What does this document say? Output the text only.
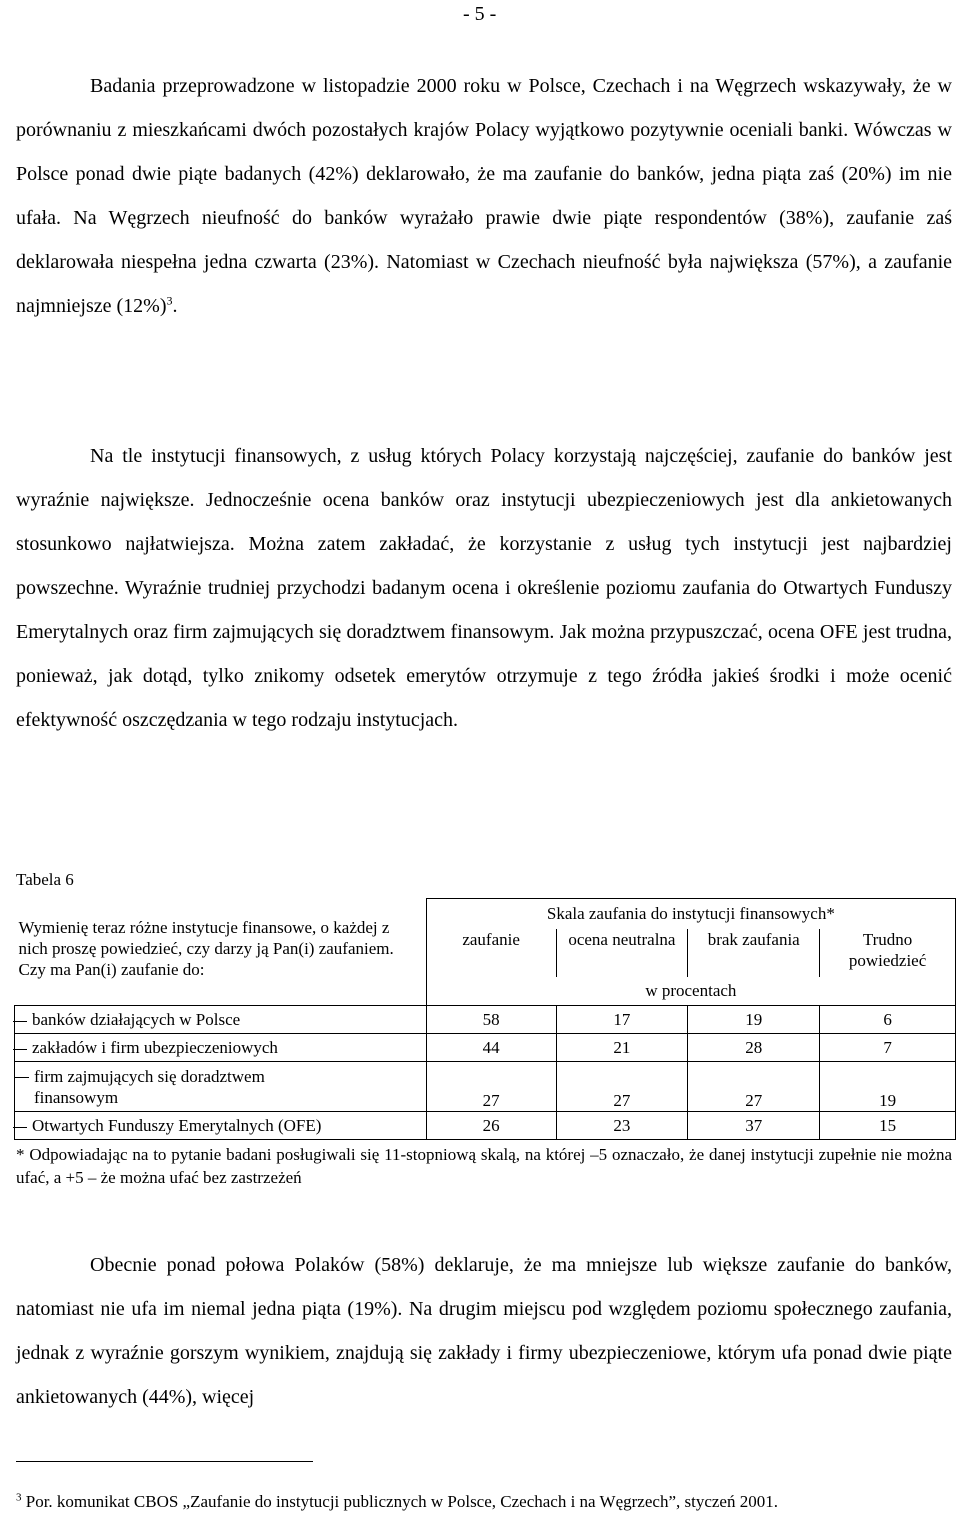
- 5 -

Badania przeprowadzone w listopadzie 2000 roku w Polsce, Czechach i na Węgrzech wskazywały, że w porównaniu z mieszkańcami dwóch pozostałych krajów Polacy wyjątkowo pozytywnie oceniali banki. Wówczas w Polsce ponad dwie piąte badanych (42%) deklarowało, że ma zaufanie do banków, jedna piąta zaś (20%) im nie ufała. Na Węgrzech nieufność do banków wyrażało prawie dwie piąte respondentów (38%), zaufanie zaś deklarowała niespełna jedna czwarta (23%). Natomiast w Czechach nieufność była największa (57%), a zaufanie najmniejsze $(12\%)^3$.

Na tle instytucji finansowych, z usług których Polacy korzystają najczęściej, zaufanie do banków jest wyraźnie największe. Jednocześnie ocena banków oraz instytucji ubezpieczeniowych jest dla ankietowanych stosunkowo najłatwiejsza. Można zatem zakładać, że korzystanie z usług tych instytucji jest najbardziej powszechne. Wyraźnie trudniej przychodzi badanym ocena i określenie poziomu zaufania do Otwartych Funduszy Emerytalnych oraz firm zajmujących się doradztwem finansowym. Jak można przypuszczać, ocena OFE jest trudna, ponieważ, jak dotąd, tylko znikomy odsetek emerytów otrzymuje z tego źródła jakieś środki i może ocenić efektywność oszczędzania w tego rodzaju instytucjach.

Tabela 6
Wymienię teraz różne instytucje finansowe, o każdej z nich proszę powiedzieć, czy darzy ją Pan(i) zaufaniem. Czy ma Pan(i) zaufanie do:	Skala zaufania do instytucji finansowych*			
	zaufanie	ocena neutralna	brak zaufania	Trudno powiedzieć
	w procentach			
banków działających w Polsce	58	17	19	6
zakładów i firm ubezpieczeniowych	44	21	28	7

firm zajmujących się doradztwem finansowym	27	27	27	19
Otwartych Funduszy Emerytalnych (OFE)	26	23	37	15
* Odpowiadając na to pytanie badani posługiwali się 11-stopniową skalą, na której –5 oznaczało, że danej instytucji zupełnie nie można ufać, a +5 – że można ufać bez zastrzeżeń

Obecnie ponad połowa Polaków (58%) deklaruje, że ma mniejsze lub większe zaufanie do banków, natomiast nie ufa im niemal jedna piąta (19%). Na drugim miejscu pod względem poziomu społecznego zaufania, jednak z wyraźnie gorszym wynikiem, znajdują się zakłady i firmy ubezpieczeniowe, którym ufa ponad dwie piąte ankietowanych (44%), więcej

$^3$ Por. komunikat CBOS „Zaufanie do instytucji publicznych w Polsce, Czechach i na Węgrzech”, styczeń 2001.
